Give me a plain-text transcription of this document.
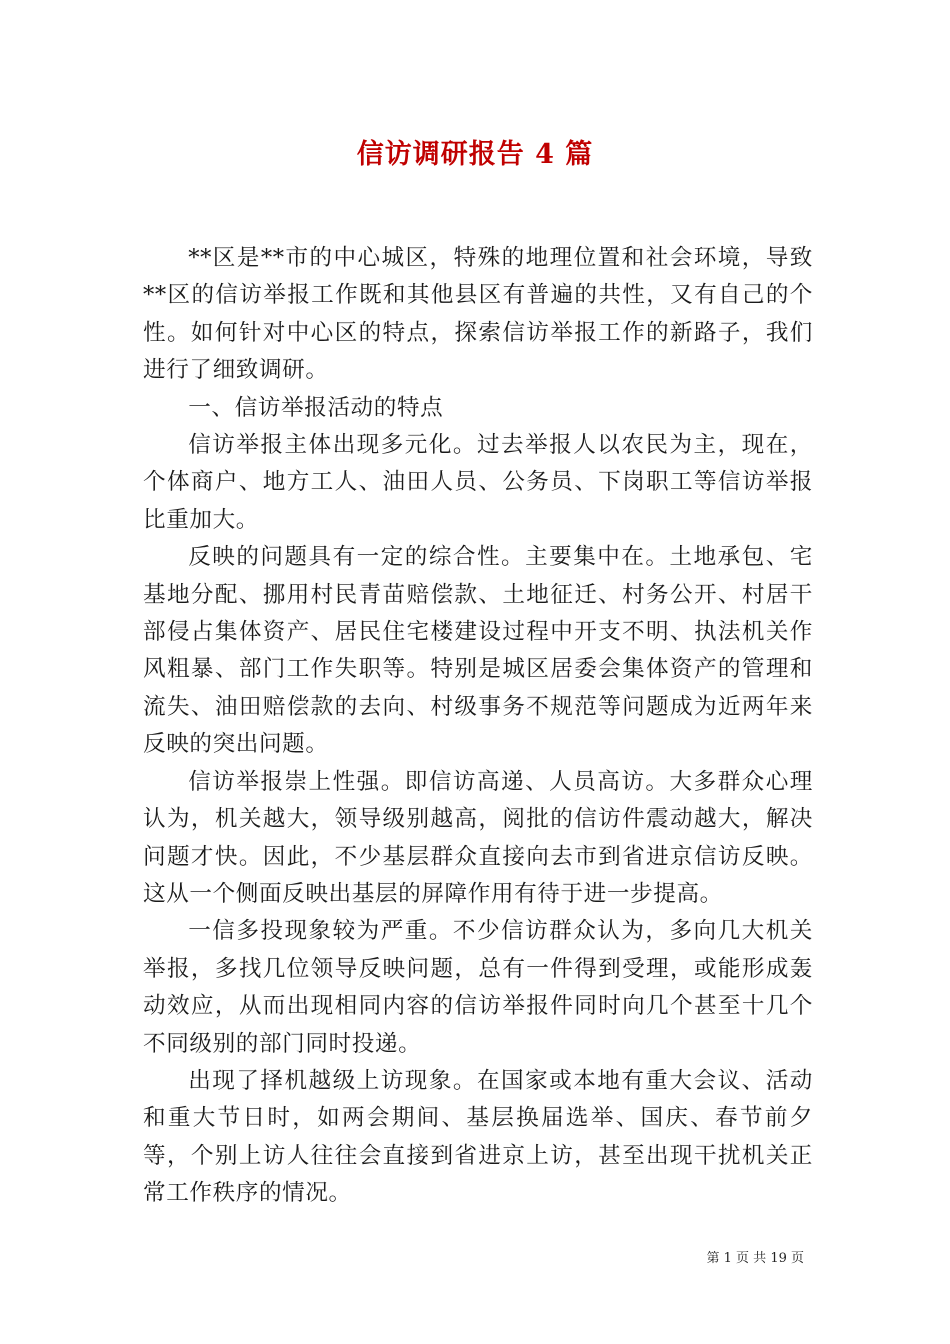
信访调研报告 4 篇

**区是**市的中心城区，特殊的地理位置和社会环境，导致**区的信访举报工作既和其他县区有普遍的共性，又有自己的个性。如何针对中心区的特点，探索信访举报工作的新路子，我们进行了细致调研。

一、信访举报活动的特点

信访举报主体出现多元化。过去举报人以农民为主，现在，个体商户、地方工人、油田人员、公务员、下岗职工等信访举报比重加大。

反映的问题具有一定的综合性。主要集中在。土地承包、宅基地分配、挪用村民青苗赔偿款、土地征迁、村务公开、村居干部侵占集体资产、居民住宅楼建设过程中开支不明、执法机关作风粗暴、部门工作失职等。特别是城区居委会集体资产的管理和流失、油田赔偿款的去向、村级事务不规范等问题成为近两年来反映的突出问题。

信访举报崇上性强。即信访高递、人员高访。大多群众心理认为，机关越大，领导级别越高，阅批的信访件震动越大，解决问题才快。因此，不少基层群众直接向去市到省进京信访反映。这从一个侧面反映出基层的屏障作用有待于进一步提高。

一信多投现象较为严重。不少信访群众认为，多向几大机关举报，多找几位领导反映问题，总有一件得到受理，或能形成轰动效应，从而出现相同内容的信访举报件同时向几个甚至十几个不同级别的部门同时投递。

出现了择机越级上访现象。在国家或本地有重大会议、活动和重大节日时，如两会期间、基层换届选举、国庆、春节前夕等，个别上访人往往会直接到省进京上访，甚至出现干扰机关正常工作秩序的情况。

第 1 页 共 19 页
